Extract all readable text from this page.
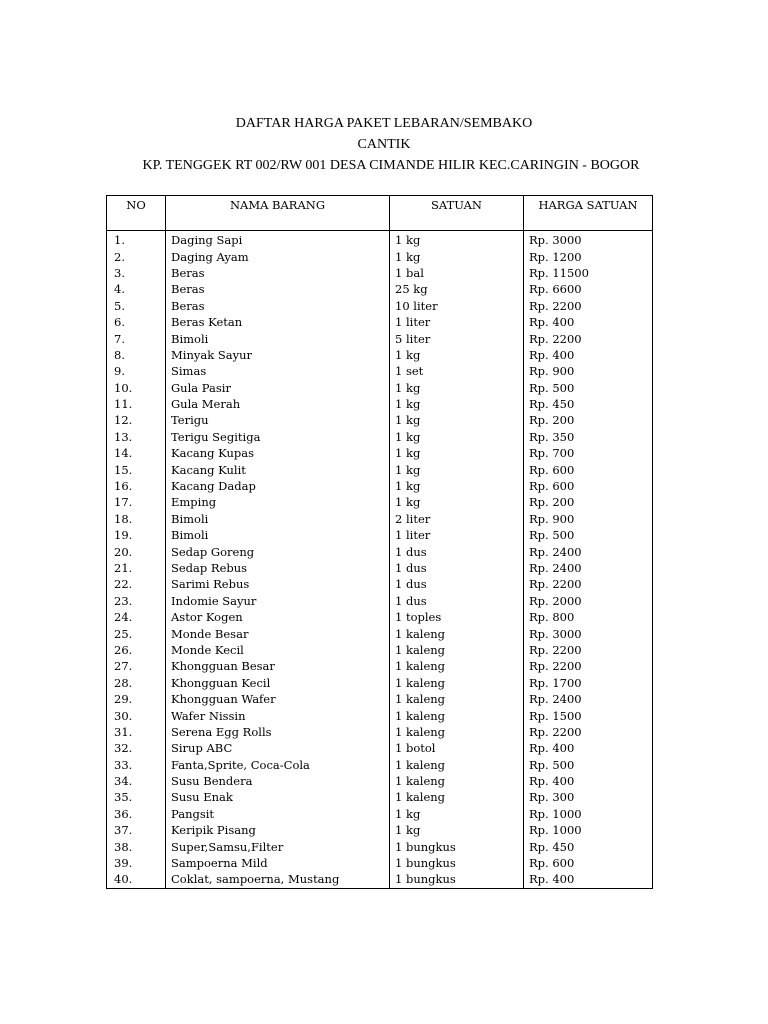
DAFTAR HARGA PAKET LEBARAN/SEMBAKO
CANTIK
KP. TENGGEK RT 002/RW 001 DESA CIMANDE HILIR KEC.CARINGIN - BOGOR
NO	NAMA BARANG	SATUAN	HARGA SATUAN
1.	Daging Sapi	1 kg	Rp. 3000
2.	Daging Ayam	1 kg	Rp. 1200
3.	Beras	1 bal	Rp. 11500
4.	Beras	25 kg	Rp. 6600
5.	Beras	10 liter	Rp. 2200
6.	Beras Ketan	1 liter	Rp. 400
7.	Bimoli	5 liter	Rp. 2200
8.	Minyak Sayur	1 kg	Rp. 400
9.	Simas	1 set	Rp. 900
10.	Gula Pasir	1 kg	Rp. 500
11.	Gula Merah	1 kg	Rp. 450
12.	Terigu	1 kg	Rp. 200
13.	Terigu Segitiga	1 kg	Rp. 350
14.	Kacang Kupas	1 kg	Rp. 700
15.	Kacang Kulit	1 kg	Rp. 600
16.	Kacang Dadap	1 kg	Rp. 600
17.	Emping	1 kg	Rp. 200
18.	Bimoli	2 liter	Rp. 900
19.	Bimoli	1 liter	Rp. 500
20.	Sedap Goreng	1 dus	Rp. 2400
21.	Sedap Rebus	1 dus	Rp. 2400
22.	Sarimi Rebus	1 dus	Rp. 2200
23.	Indomie Sayur	1 dus	Rp. 2000
24.	Astor Kogen	1 toples	Rp. 800
25.	Monde Besar	1 kaleng	Rp. 3000
26.	Monde Kecil	1 kaleng	Rp. 2200
27.	Khongguan Besar	1 kaleng	Rp. 2200
28.	Khongguan Kecil	1 kaleng	Rp. 1700
29.	Khongguan Wafer	1 kaleng	Rp. 2400
30.	Wafer Nissin	1 kaleng	Rp. 1500
31.	Serena Egg Rolls	1 kaleng	Rp. 2200
32.	Sirup ABC	1 botol	Rp. 400
33.	Fanta,Sprite, Coca-Cola	1 kaleng	Rp. 500
34.	Susu Bendera	1 kaleng	Rp. 400
35.	Susu Enak	1 kaleng	Rp. 300
36.	Pangsit	1 kg	Rp. 1000
37.	Keripik Pisang	1 kg	Rp. 1000
38.	Super,Samsu,Filter	1 bungkus	Rp. 450
39.	Sampoerna Mild	1 bungkus	Rp. 600
40.	Coklat, sampoerna, Mustang	1 bungkus	Rp. 400
